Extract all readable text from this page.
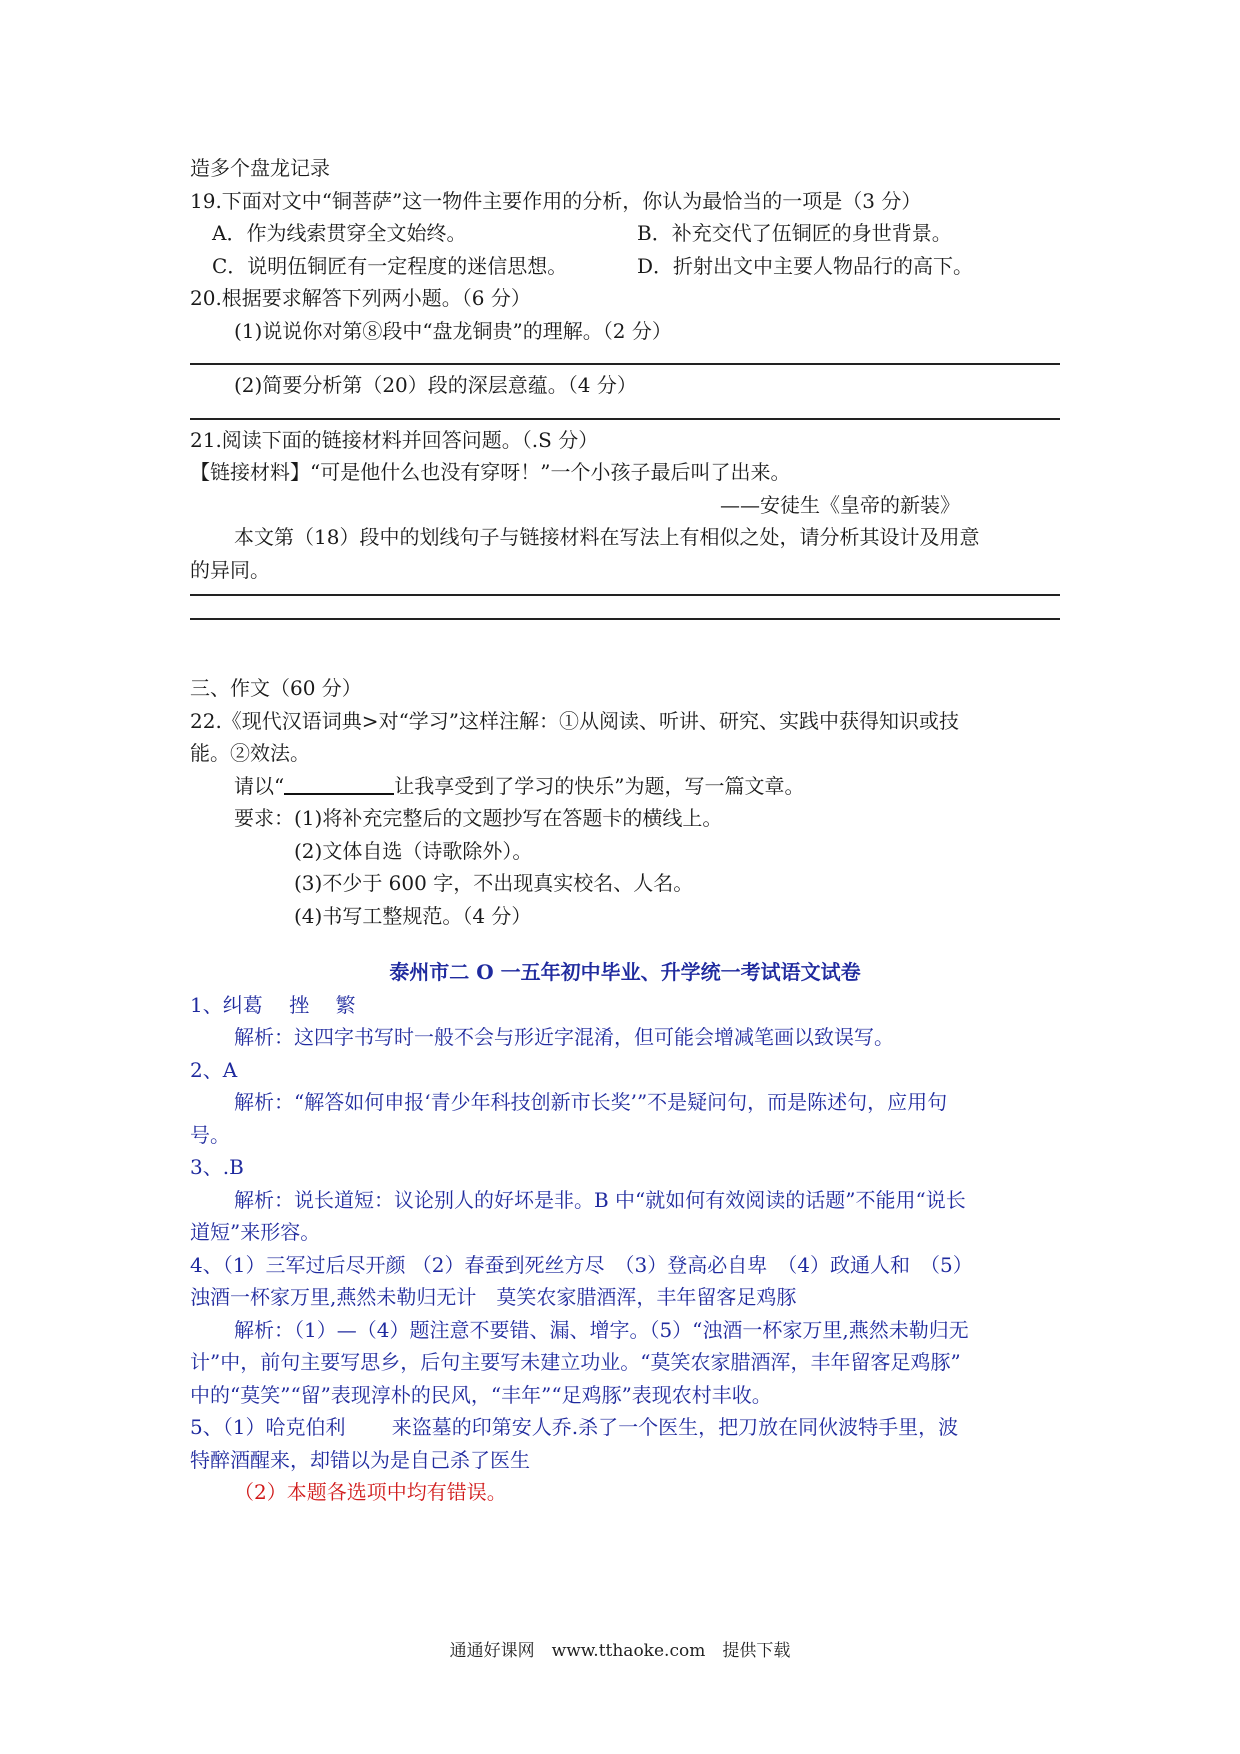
造多个盘龙记录
19.下面对文中“铜菩萨”这一物件主要作用的分析，你认为最恰当的一项是（3 分）
A．作为线索贯穿全文始终。	B．补充交代了伍铜匠的身世背景。
C．说明伍铜匠有一定程度的迷信思想。	D．折射出文中主要人物品行的高下。
20.根据要求解答下列两小题。（6 分）
(1)说说你对第⑧段中“盘龙铜贵”的理解。（2 分）
(2)简要分析第（20）段的深层意蕴。（4 分）
21.阅读下面的链接材料并回答问题。（.S 分）
【链接材料】“可是他什么也没有穿呀！”一个小孩子最后叫了出来。
——安徒生《皇帝的新装》
本文第（18）段中的划线句子与链接材料在写法上有相似之处，请分析其设计及用意
的异同。
三、作文（60 分）
22.《现代汉语词典>对“学习”这样注解：①从阅读、听讲、研究、实践中获得知识或技
能。②效法。
请以“	让我享受到了学习的快乐”为题，写一篇文章。
要求：(1)将补充完整后的文题抄写在答题卡的横线上。
(2)文体自选（诗歌除外）。
(3)不少于 600 字，不出现真实校名、人名。
(4)书写工整规范。（4 分）
泰州市二 O 一五年初中毕业、升学统一考试语文试卷
1、纠葛　 挫　 繁
解析：这四字书写时一般不会与形近字混淆，但可能会增减笔画以致误写。
2、A
解析：“解答如何申报‘青少年科技创新市长奖’”不是疑问句，而是陈述句，应用句
号。
3、.B
解析：说长道短：议论别人的好坏是非。B 中“就如何有效阅读的话题”不能用“说长
道短”来形容。
4、（1）三军过后尽开颜 （2）春蚕到死丝方尽　（3）登高必自卑　（4）政通人和　（5）
浊酒一杯家万里,燕然未勒归无计　莫笑农家腊酒浑，丰年留客足鸡豚
解析：（1）—（4）题注意不要错、漏、增字。（5）“浊酒一杯家万里,燕然未勒归无
计”中，前句主要写思乡，后句主要写未建立功业。“莫笑农家腊酒浑，丰年留客足鸡豚”
中的“莫笑”“留”表现淳朴的民风，“丰年”“足鸡豚”表现农村丰收。
5、（1）哈克伯利　　 来盗墓的印第安人乔.杀了一个医生，把刀放在同伙波特手里，波
特醉酒醒来，却错以为是自己杀了医生
（2）本题各选项中均有错误。
通通好课网　www.tthaoke.com　提供下载
